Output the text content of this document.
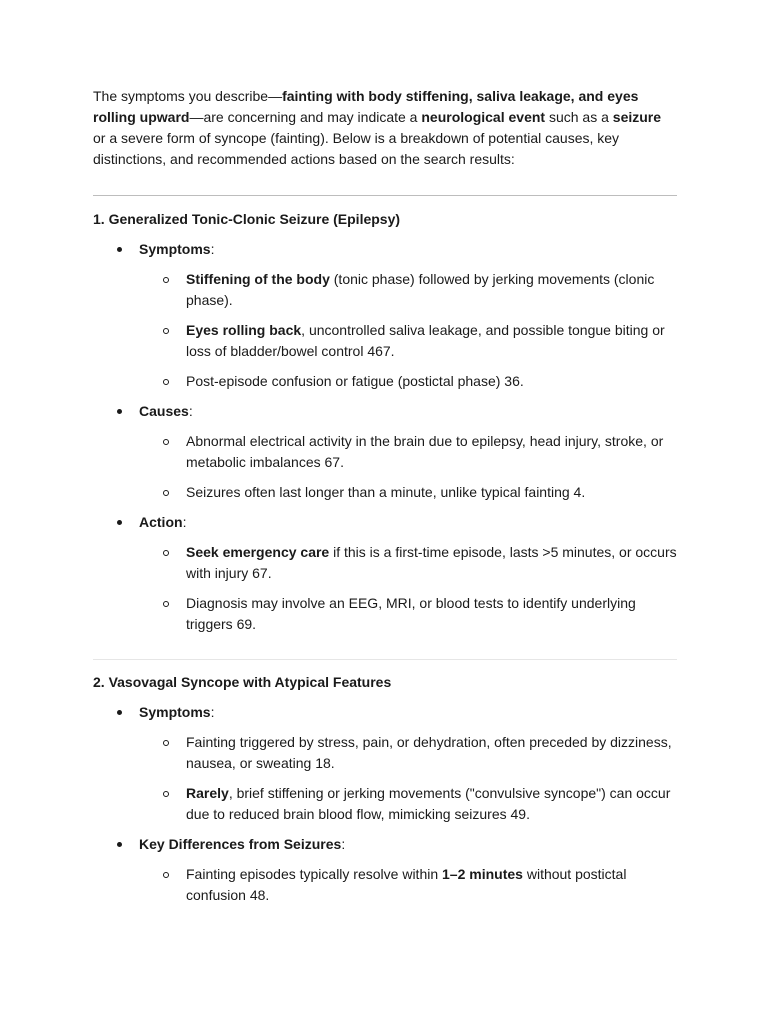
The symptoms you describe—fainting with body stiffening, saliva leakage, and eyes rolling upward—are concerning and may indicate a neurological event such as a seizure or a severe form of syncope (fainting). Below is a breakdown of potential causes, key distinctions, and recommended actions based on the search results:

1. Generalized Tonic-Clonic Seizure (Epilepsy)
Symptoms:
Stiffening of the body (tonic phase) followed by jerking movements (clonic phase).
Eyes rolling back, uncontrolled saliva leakage, and possible tongue biting or loss of bladder/bowel control 467.
Post-episode confusion or fatigue (postictal phase) 36.
Causes:
Abnormal electrical activity in the brain due to epilepsy, head injury, stroke, or metabolic imbalances 67.
Seizures often last longer than a minute, unlike typical fainting 4.
Action:
Seek emergency care if this is a first-time episode, lasts >5 minutes, or occurs with injury 67.
Diagnosis may involve an EEG, MRI, or blood tests to identify underlying triggers 69.
2. Vasovagal Syncope with Atypical Features
Symptoms:
Fainting triggered by stress, pain, or dehydration, often preceded by dizziness, nausea, or sweating 18.
Rarely, brief stiffening or jerking movements ("convulsive syncope") can occur due to reduced brain blood flow, mimicking seizures 49.
Key Differences from Seizures:
Fainting episodes typically resolve within 1–2 minutes without postictal confusion 48.
